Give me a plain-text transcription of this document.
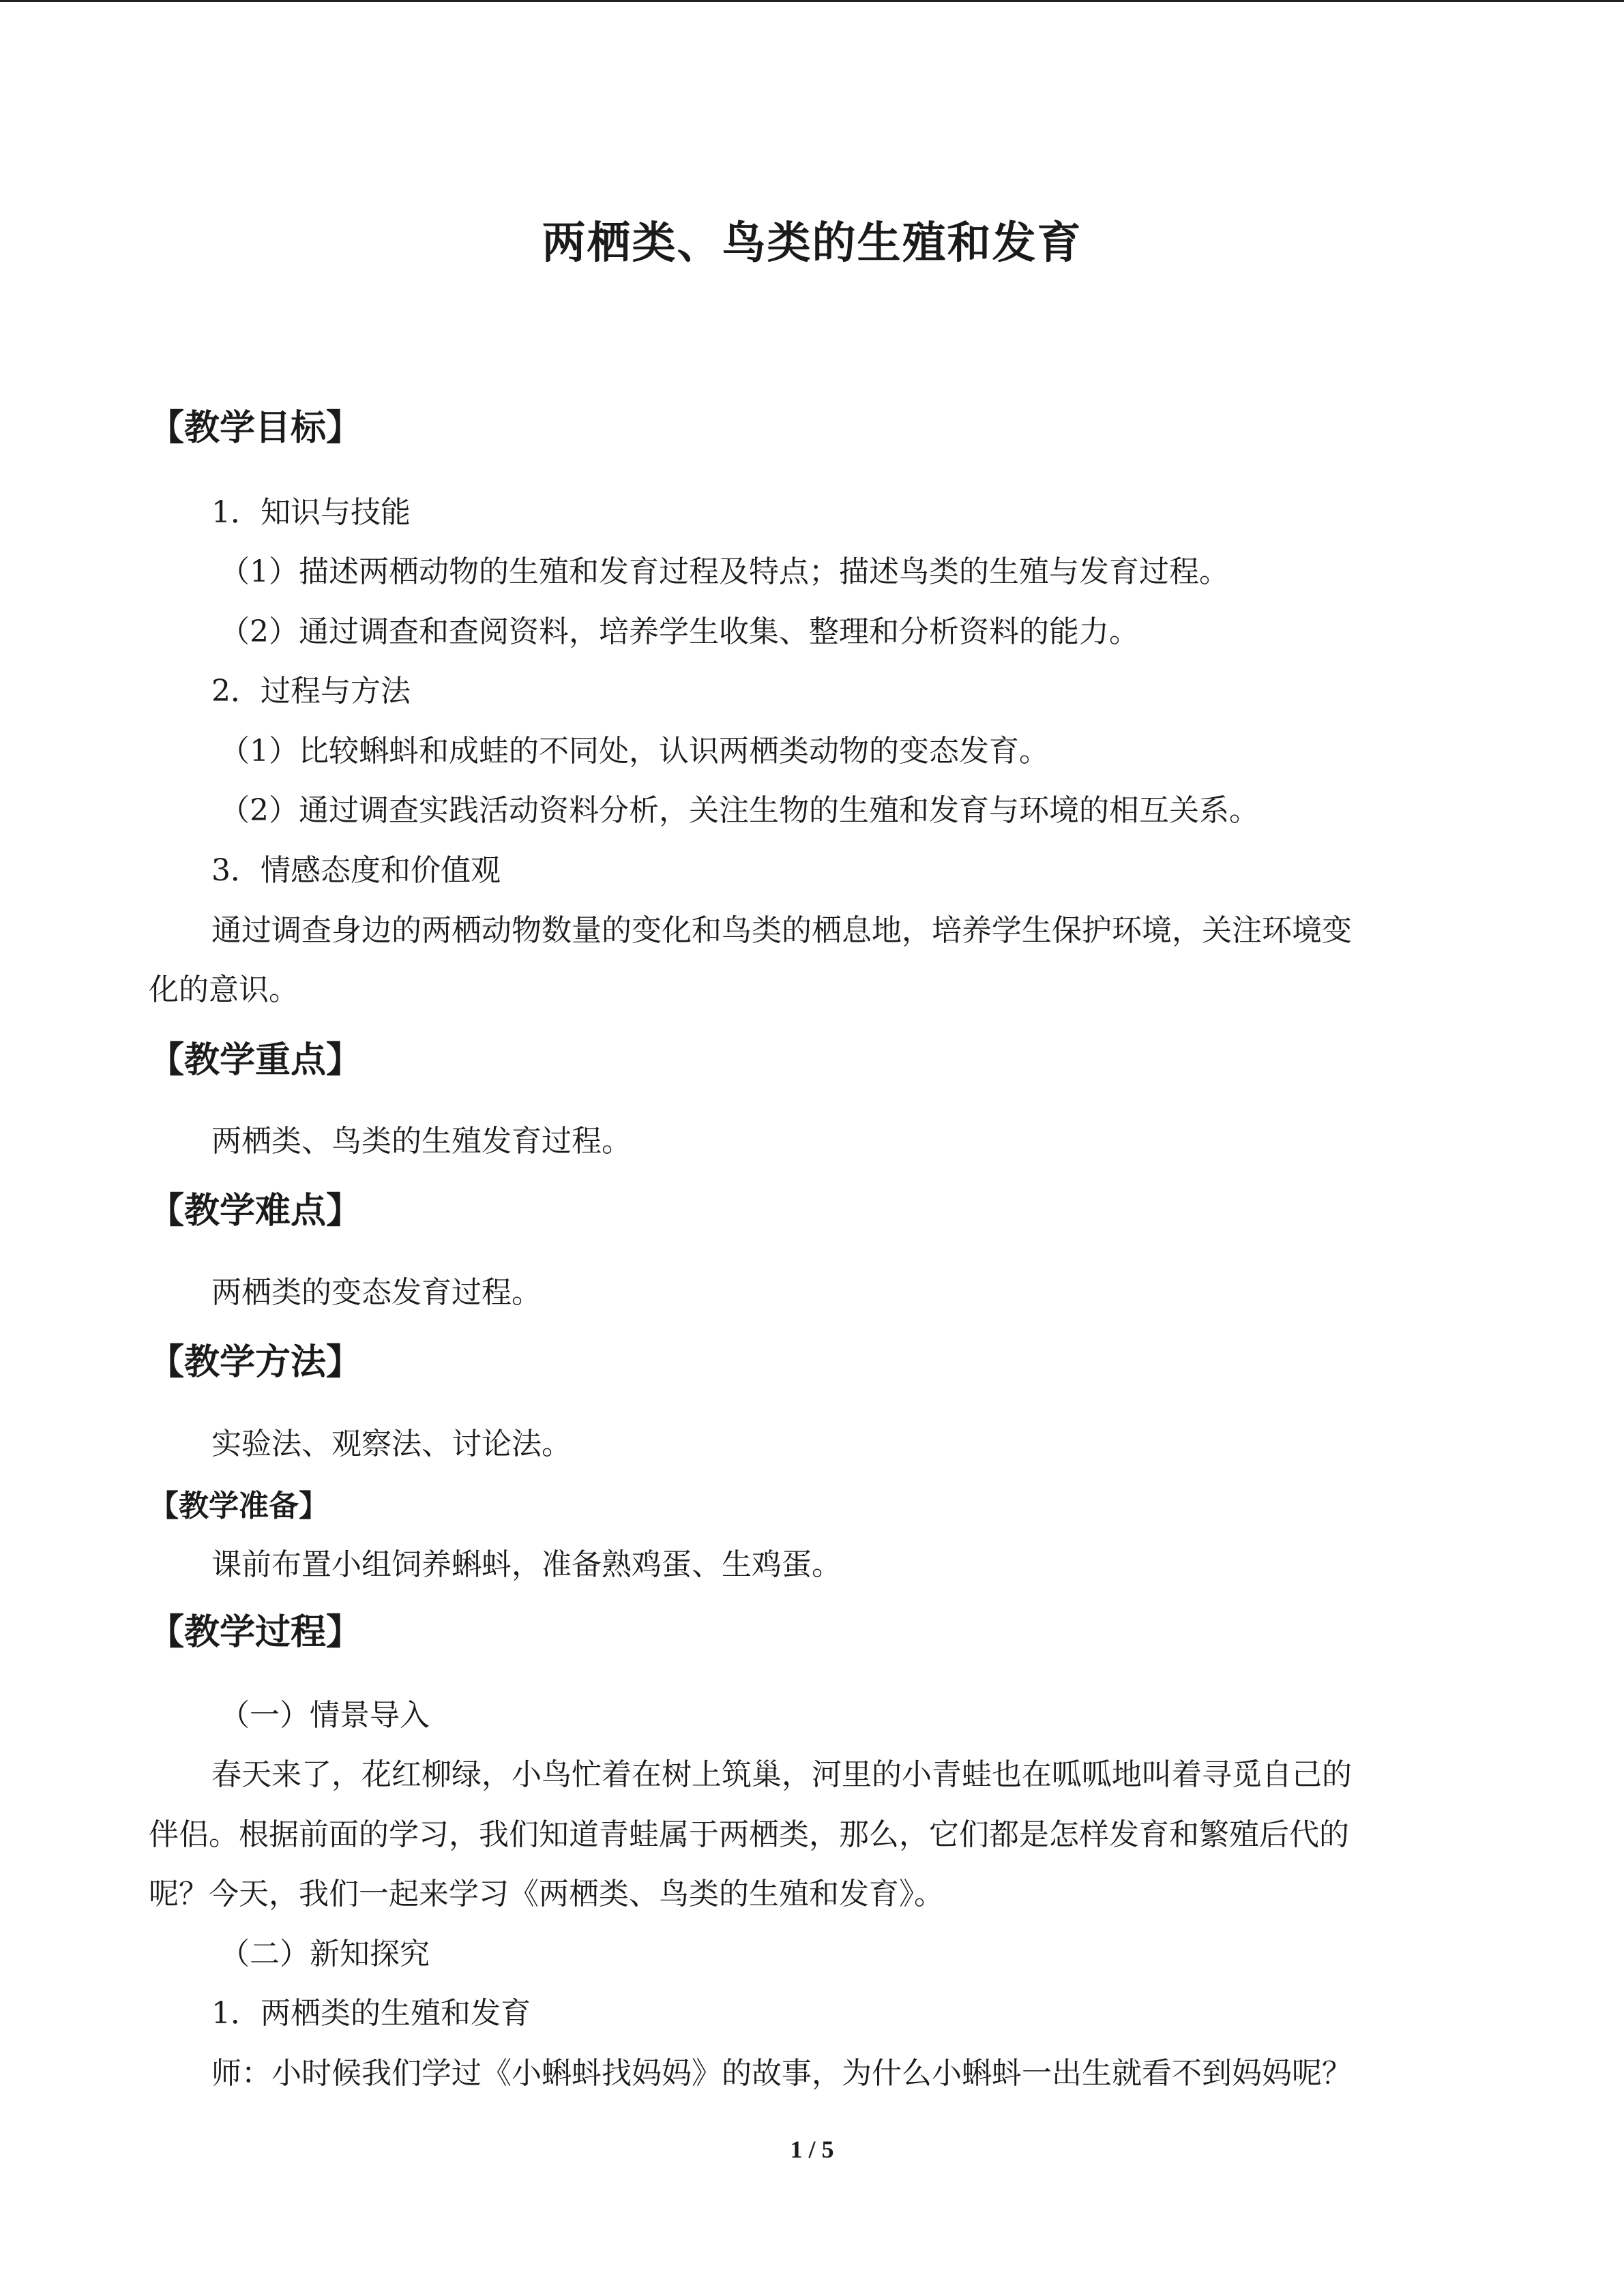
两栖类、鸟类的生殖和发育
【教学目标】
1．知识与技能
（1）描述两栖动物的生殖和发育过程及特点；描述鸟类的生殖与发育过程。
（2）通过调查和查阅资料，培养学生收集、整理和分析资料的能力。
2．过程与方法
（1）比较蝌蚪和成蛙的不同处，认识两栖类动物的变态发育。
（2）通过调查实践活动资料分析，关注生物的生殖和发育与环境的相互关系。
3．情感态度和价值观
通过调查身边的两栖动物数量的变化和鸟类的栖息地，培养学生保护环境，关注环境变
化的意识。
【教学重点】
两栖类、鸟类的生殖发育过程。
【教学难点】
两栖类的变态发育过程。
【教学方法】
实验法、观察法、讨论法。
【教学准备】
课前布置小组饲养蝌蚪，准备熟鸡蛋、生鸡蛋。
【教学过程】
（一）情景导入
春天来了，花红柳绿，小鸟忙着在树上筑巢，河里的小青蛙也在呱呱地叫着寻觅自己的
伴侣。根据前面的学习，我们知道青蛙属于两栖类，那么，它们都是怎样发育和繁殖后代的
呢？今天，我们一起来学习《两栖类、鸟类的生殖和发育》。
（二）新知探究
1．两栖类的生殖和发育
师：小时候我们学过《小蝌蚪找妈妈》的故事，为什么小蝌蚪一出生就看不到妈妈呢？
1 / 5
